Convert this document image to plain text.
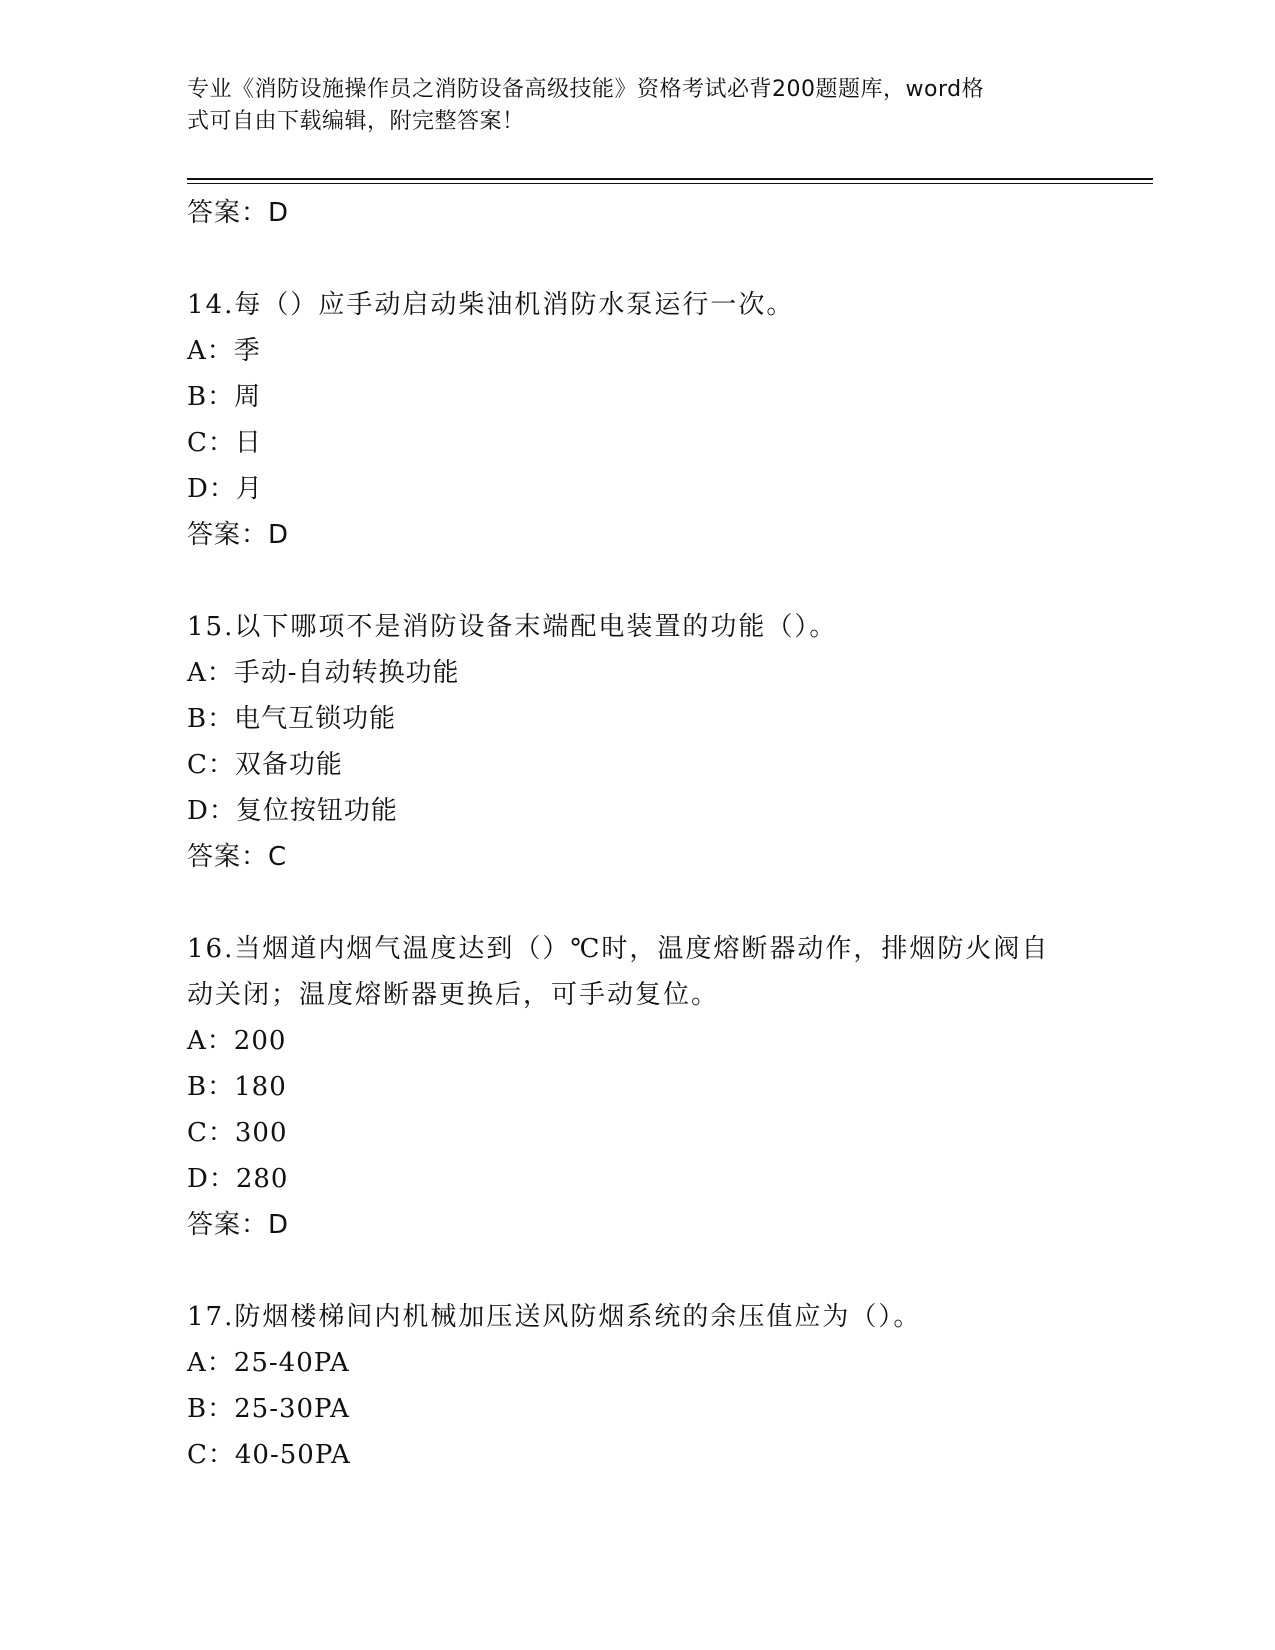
专业《消防设施操作员之消防设备高级技能》资格考试必背200题题库，word格
式可自由下载编辑，附完整答案！
答案：D
14.每（）应手动启动柴油机消防水泵运行一次。
A：季
B：周
C：日
D：月
答案：D
15.以下哪项不是消防设备末端配电装置的功能（）。
A：手动-自动转换功能
B：电气互锁功能
C：双备功能
D：复位按钮功能
答案：C
16.当烟道内烟气温度达到（）℃时，温度熔断器动作，排烟防火阀自
动关闭；温度熔断器更换后，可手动复位。
A：200
B：180
C：300
D：280
答案：D
17.防烟楼梯间内机械加压送风防烟系统的余压值应为（）。
A：25-40PA
B：25-30PA
C：40-50PA
